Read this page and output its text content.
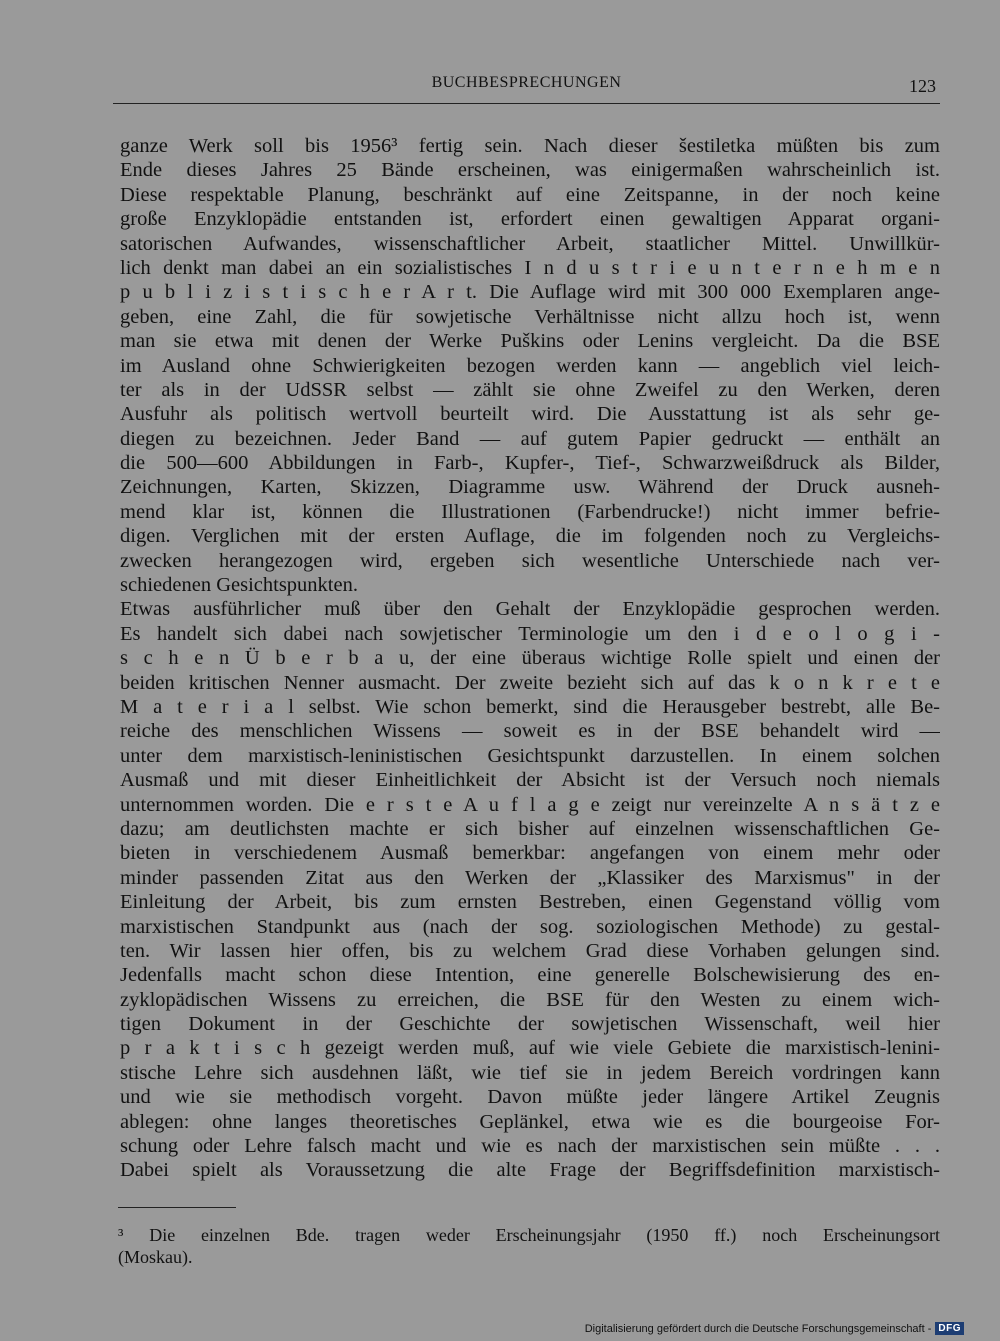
BUCHBESPRECHUNGEN	123
ganze Werk soll bis 1956³ fertig sein. Nach dieser šestiletka müßten bis zum
Ende dieses Jahres 25 Bände erscheinen, was einigermaßen wahrscheinlich ist.
Diese respektable Planung, beschränkt auf eine Zeitspanne, in der noch keine
große Enzyklopädie entstanden ist, erfordert einen gewaltigen Apparat organi-
satorischen Aufwandes, wissenschaftlicher Arbeit, staatlicher Mittel. Unwillkür-
lich denkt man dabei an ein sozialistisches I n d u s t r i e u n t e r n e h m e n
p u b l i z i s t i s c h e r A r t. Die Auflage wird mit 300 000 Exemplaren ange-
geben, eine Zahl, die für sowjetische Verhältnisse nicht allzu hoch ist, wenn
man sie etwa mit denen der Werke Puškins oder Lenins vergleicht. Da die BSE
im Ausland ohne Schwierigkeiten bezogen werden kann — angeblich viel leich-
ter als in der UdSSR selbst — zählt sie ohne Zweifel zu den Werken, deren
Ausfuhr als politisch wertvoll beurteilt wird. Die Ausstattung ist als sehr ge-
diegen zu bezeichnen. Jeder Band — auf gutem Papier gedruckt — enthält an
die 500—600 Abbildungen in Farb-, Kupfer-, Tief-, Schwarzweißdruck als Bilder,
Zeichnungen, Karten, Skizzen, Diagramme usw. Während der Druck ausneh-
mend klar ist, können die Illustrationen (Farbendrucke!) nicht immer befrie-
digen. Verglichen mit der ersten Auflage, die im folgenden noch zu Vergleichs-
zwecken herangezogen wird, ergeben sich wesentliche Unterschiede nach ver-
schiedenen Gesichtspunkten.
Etwas ausführlicher muß über den Gehalt der Enzyklopädie gesprochen werden.
Es handelt sich dabei nach sowjetischer Terminologie um den i d e o l o g i -
s c h e n Ü b e r b a u, der eine überaus wichtige Rolle spielt und einen der
beiden kritischen Nenner ausmacht. Der zweite bezieht sich auf das k o n k r e t e
M a t e r i a l selbst. Wie schon bemerkt, sind die Herausgeber bestrebt, alle Be-
reiche des menschlichen Wissens — soweit es in der BSE behandelt wird —
unter dem marxistisch-leninistischen Gesichtspunkt darzustellen. In einem solchen
Ausmaß und mit dieser Einheitlichkeit der Absicht ist der Versuch noch niemals
unternommen worden. Die e r s t e A u f l a g e zeigt nur vereinzelte A n s ä t z e
dazu; am deutlichsten machte er sich bisher auf einzelnen wissenschaftlichen Ge-
bieten in verschiedenem Ausmaß bemerkbar: angefangen von einem mehr oder
minder passenden Zitat aus den Werken der „Klassiker des Marxismus" in der
Einleitung der Arbeit, bis zum ernsten Bestreben, einen Gegenstand völlig vom
marxistischen Standpunkt aus (nach der sog. soziologischen Methode) zu gestal-
ten. Wir lassen hier offen, bis zu welchem Grad diese Vorhaben gelungen sind.
Jedenfalls macht schon diese Intention, eine generelle Bolschewisierung des en-
zyklopädischen Wissens zu erreichen, die BSE für den Westen zu einem wich-
tigen Dokument in der Geschichte der sowjetischen Wissenschaft, weil hier
p r a k t i s c h gezeigt werden muß, auf wie viele Gebiete die marxistisch-lenini-
stische Lehre sich ausdehnen läßt, wie tief sie in jedem Bereich vordringen kann
und wie sie methodisch vorgeht. Davon müßte jeder längere Artikel Zeugnis
ablegen: ohne langes theoretisches Geplänkel, etwa wie es die bourgeoise For-
schung oder Lehre falsch macht und wie es nach der marxistischen sein müßte . . .
Dabei spielt als Voraussetzung die alte Frage der Begriffsdefinition marxistisch-
³ Die einzelnen Bde. tragen weder Erscheinungsjahr (1950 ff.) noch Erscheinungsort
(Moskau).
Digitalisierung gefördert durch die Deutsche Forschungsgemeinschaft - DFG
